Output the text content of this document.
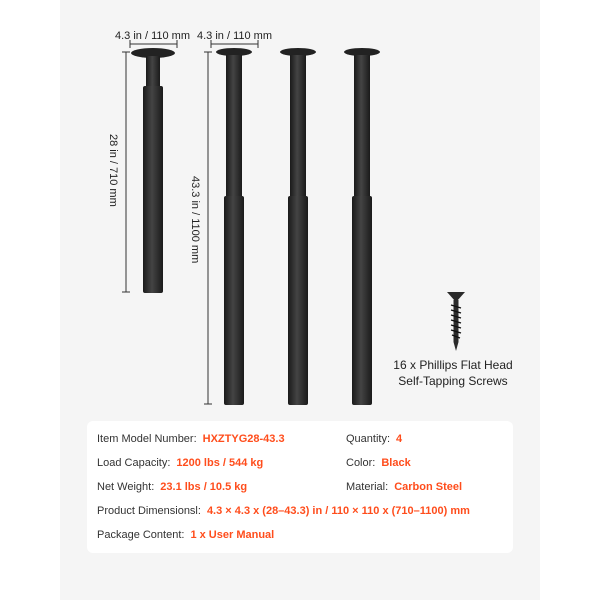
4.3 in / 110 mm 4.3 in / 110 mm
28 in / 710 mm
43.3 in / 1100 mm
16 x Phillips Flat Head
Self-Tapping Screws
Item Model Number: HXZTYG28-43.3	Quantity: 4
Load Capacity: 1200 lbs / 544 kg	Color: Black
Net Weight: 23.1 lbs / 10.5 kg	Material: Carbon Steel
Product Dimensionsl: 4.3 × 4.3 x (28–43.3) in / 110 × 110 x (710–1100) mm
Package Content: 1 x User Manual
